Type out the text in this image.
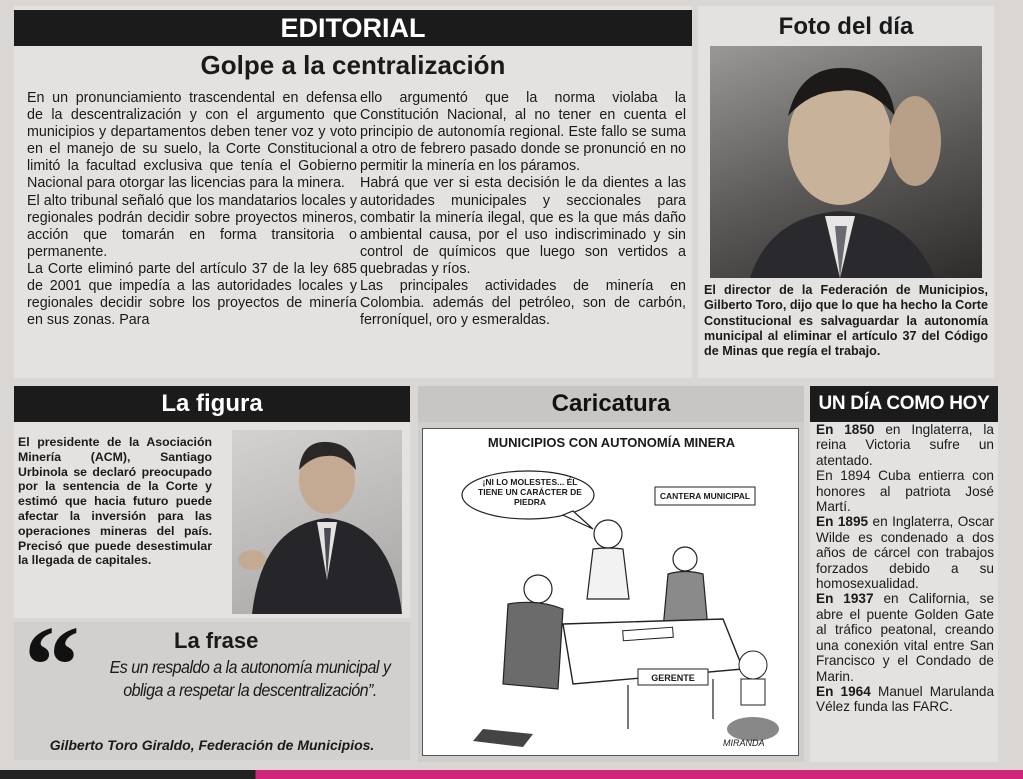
EDITORIAL
Golpe a la centralización

En un pronunciamiento trascendental en defensa de la descentralización y con el argumento que municipios y departamentos deben tener voz y voto en el manejo de su suelo, la Corte Constitucional limitó la facultad exclusiva que tenía el Gobierno Nacional para otorgar las licencias para la minera.

El alto tribunal señaló que los mandatarios locales y regionales podrán decidir sobre proyectos mineros, acción que tomarán en forma transitoria o permanente.

La Corte eliminó parte del artículo 37 de la ley 685 de 2001 que impedía a las autoridades locales y regionales decidir sobre los proyectos de minería en sus zonas. Para

ello argumentó que la norma violaba la Constitución Nacional, al no tener en cuenta el principio de autonomía regional. Este fallo se suma a otro de febrero pasado donde se pronunció en no permitir la minería en los páramos.

Habrá que ver si esta decisión le da dientes a las autoridades municipales y seccionales para combatir la minería ilegal, que es la que más daño ambiental causa, por el uso indiscriminado y sin control de químicos que luego son vertidos a quebradas y ríos.

Las principales actividades de minería en Colombia. además del petróleo, son de carbón, ferroníquel, oro y esmeraldas.

Foto del día
El director de la Federación de Municipios, Gilberto Toro, dijo que lo que ha hecho la Corte Constitucional es salvaguardar la autonomía municipal al eliminar el artículo 37 del Código de Minas que regía el trabajo.
La figura
El presidente de la Asociación Minería (ACM), Santiago Urbinola se declaró preocupado por la sentencia de la Corte y estimó que hacia futuro puede afectar la inversión para las operaciones mineras del país. Precisó que puede desestimular la llegada de capitales.
“	La frase
Es un respaldo a la autonomía municipal y obliga a respetar la descentralización”.
Gilberto Toro Giraldo, Federación de Municipios.
Caricatura
MUNICIPIOS CON AUTONOMÍA MINERA
¡NI LO MOLESTES... ÉL TIENE UN CARÁCTER DE PIEDRA
CANTERA MUNICIPAL
GERENTE
MIRANDA
UN DÍA COMO HOY

En 1850 en Inglaterra, la reina Victoria sufre un atentado.

En 1894 Cuba entierra con honores al patriota José Martí.

En 1895 en Inglaterra, Oscar Wilde es condenado a dos años de cárcel con trabajos forzados debido a su homosexualidad.

En 1937 en California, se abre el puente Golden Gate al tráfico peatonal, creando una conexión vital entre San Francisco y el Condado de Marin.

En 1964 Manuel Marulanda Vélez funda las FARC.
